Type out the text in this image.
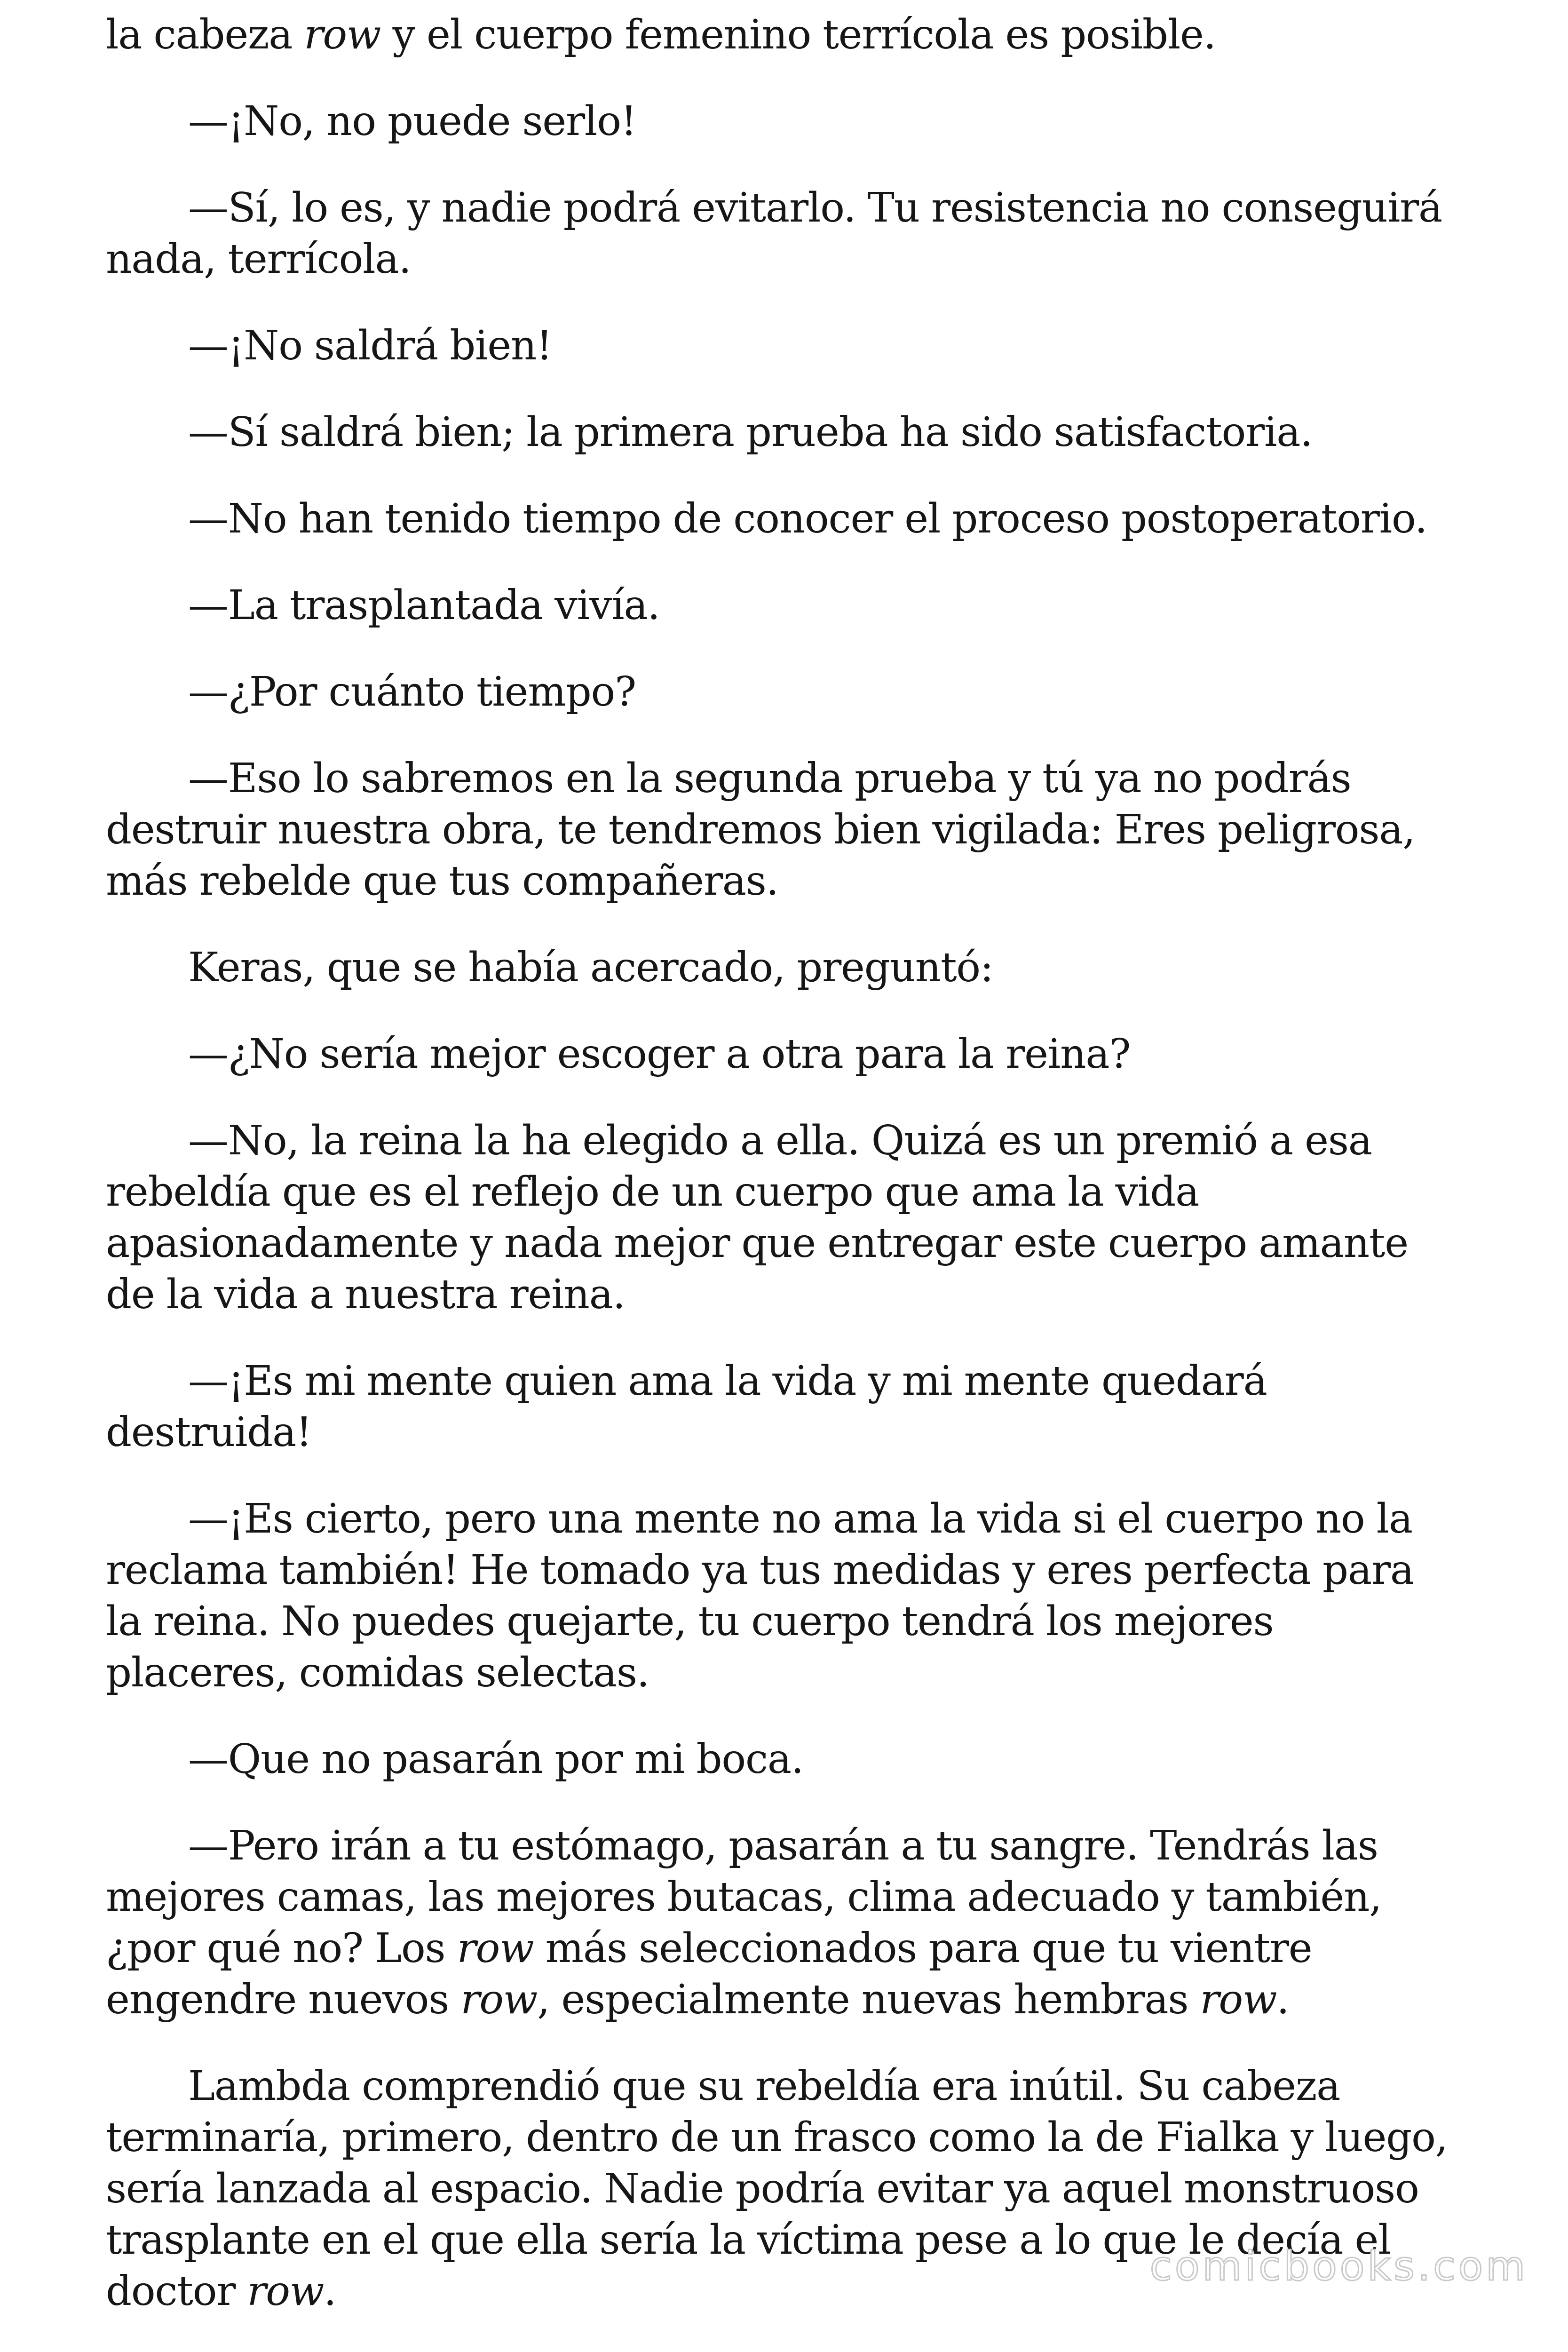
la cabeza row y el cuerpo femenino terrícola es posible.

—¡No, no puede serlo!

—Sí, lo es, y nadie podrá evitarlo. Tu resistencia no conseguirá nada, terrícola.

—¡No saldrá bien!

—Sí saldrá bien; la primera prueba ha sido satisfactoria.

—No han tenido tiempo de conocer el proceso postoperatorio.

—La trasplantada vivía.

—¿Por cuánto tiempo?

—Eso lo sabremos en la segunda prueba y tú ya no podrás destruir nuestra obra, te tendremos bien vigilada: Eres peligrosa, más rebelde que tus compañeras.

Keras, que se había acercado, preguntó:

—¿No sería mejor escoger a otra para la reina?

—No, la reina la ha elegido a ella. Quizá es un premió a esa rebeldía que es el reflejo de un cuerpo que ama la vida apasionadamente y nada mejor que entregar este cuerpo amante de la vida a nuestra reina.

—¡Es mi mente quien ama la vida y mi mente quedará destruida!

—¡Es cierto, pero una mente no ama la vida si el cuerpo no la reclama también! He tomado ya tus medidas y eres perfecta para la reina. No puedes quejarte, tu cuerpo tendrá los mejores placeres, comidas selectas.

—Que no pasarán por mi boca.

—Pero irán a tu estómago, pasarán a tu sangre. Tendrás las mejores camas, las mejores butacas, clima adecuado y también, ¿por qué no? Los row más seleccionados para que tu vientre engendre nuevos row, especialmente nuevas hembras row.

Lambda comprendió que su rebeldía era inútil. Su cabeza terminaría, primero, dentro de un frasco como la de Fialka y luego, sería lanzada al espacio. Nadie podría evitar ya aquel monstruoso trasplante en el que ella sería la víctima pese a lo que le decía el doctor row.

comicbooks.com
